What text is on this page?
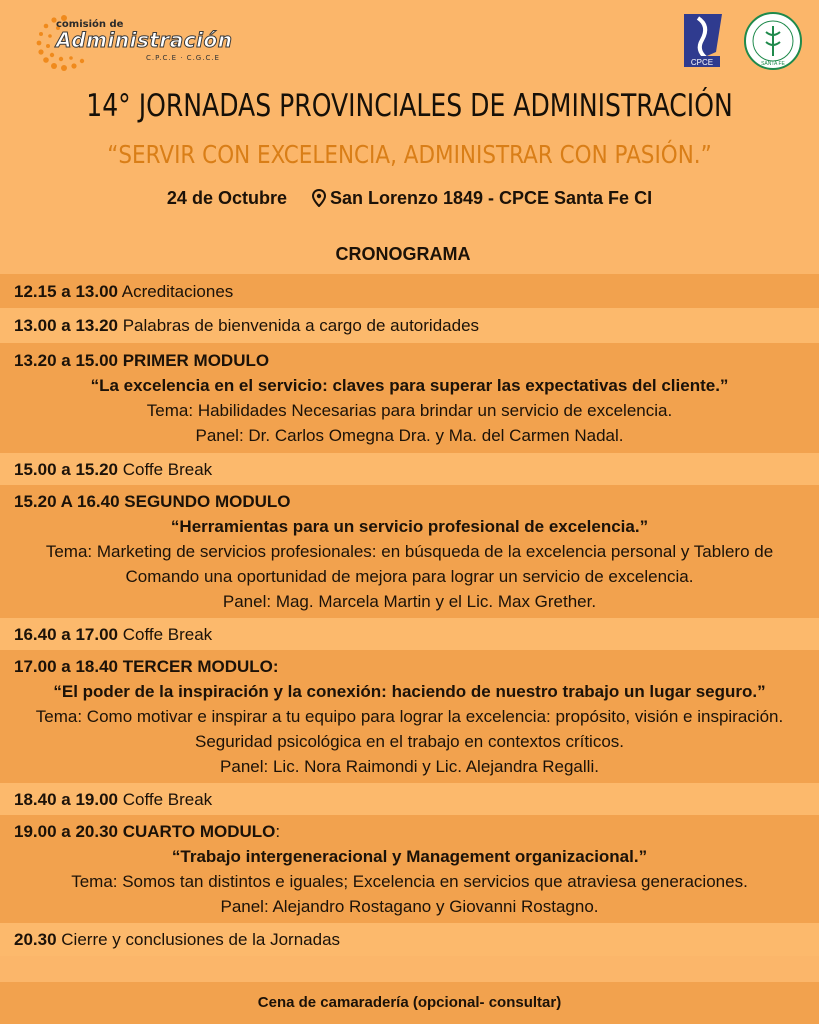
comisión de
Administración
C.P.C.E · C.G.C.E	CPCE	SANTA FE
14° JORNADAS PROVINCIALES DE ADMINISTRACIÓN
“SERVIR CON EXCELENCIA, ADMINISTRAR CON PASIÓN.”
24 de Octubre San Lorenzo 1849 - CPCE Santa Fe CI
CRONOGRAMA
12.15 a 13.00 Acreditaciones
13.00 a 13.20 Palabras de bienvenida a cargo de autoridades
13.20 a 15.00 PRIMER MODULO
“La excelencia en el servicio: claves para superar las expectativas del cliente.”
Tema: Habilidades Necesarias para brindar un servicio de excelencia.
Panel: Dr. Carlos Omegna Dra. y Ma. del Carmen Nadal.
15.00 a 15.20 Coffe Break
15.20 A 16.40 SEGUNDO MODULO
“Herramientas para un servicio profesional de excelencia.”
Tema: Marketing de servicios profesionales: en búsqueda de la excelencia personal y Tablero de Comando una oportunidad de mejora para lograr un servicio de excelencia.
Panel: Mag. Marcela Martin y el Lic. Max Grether.
16.40 a 17.00 Coffe Break
17.00 a 18.40 TERCER MODULO:
“El poder de la inspiración y la conexión: haciendo de nuestro trabajo un lugar seguro.”
Tema: Como motivar e inspirar a tu equipo para lograr la excelencia: propósito, visión e inspiración. Seguridad psicológica en el trabajo en contextos críticos.
Panel: Lic. Nora Raimondi y Lic. Alejandra Regalli.
18.40 a 19.00 Coffe Break
19.00 a 20.30 CUARTO MODULO:
“Trabajo intergeneracional y Management organizacional.”
Tema: Somos tan distintos e iguales; Excelencia en servicios que atraviesa generaciones.
Panel: Alejandro Rostagano y Giovanni Rostagno.
20.30 Cierre y conclusiones de la Jornadas
Cena de camaradería (opcional- consultar)
